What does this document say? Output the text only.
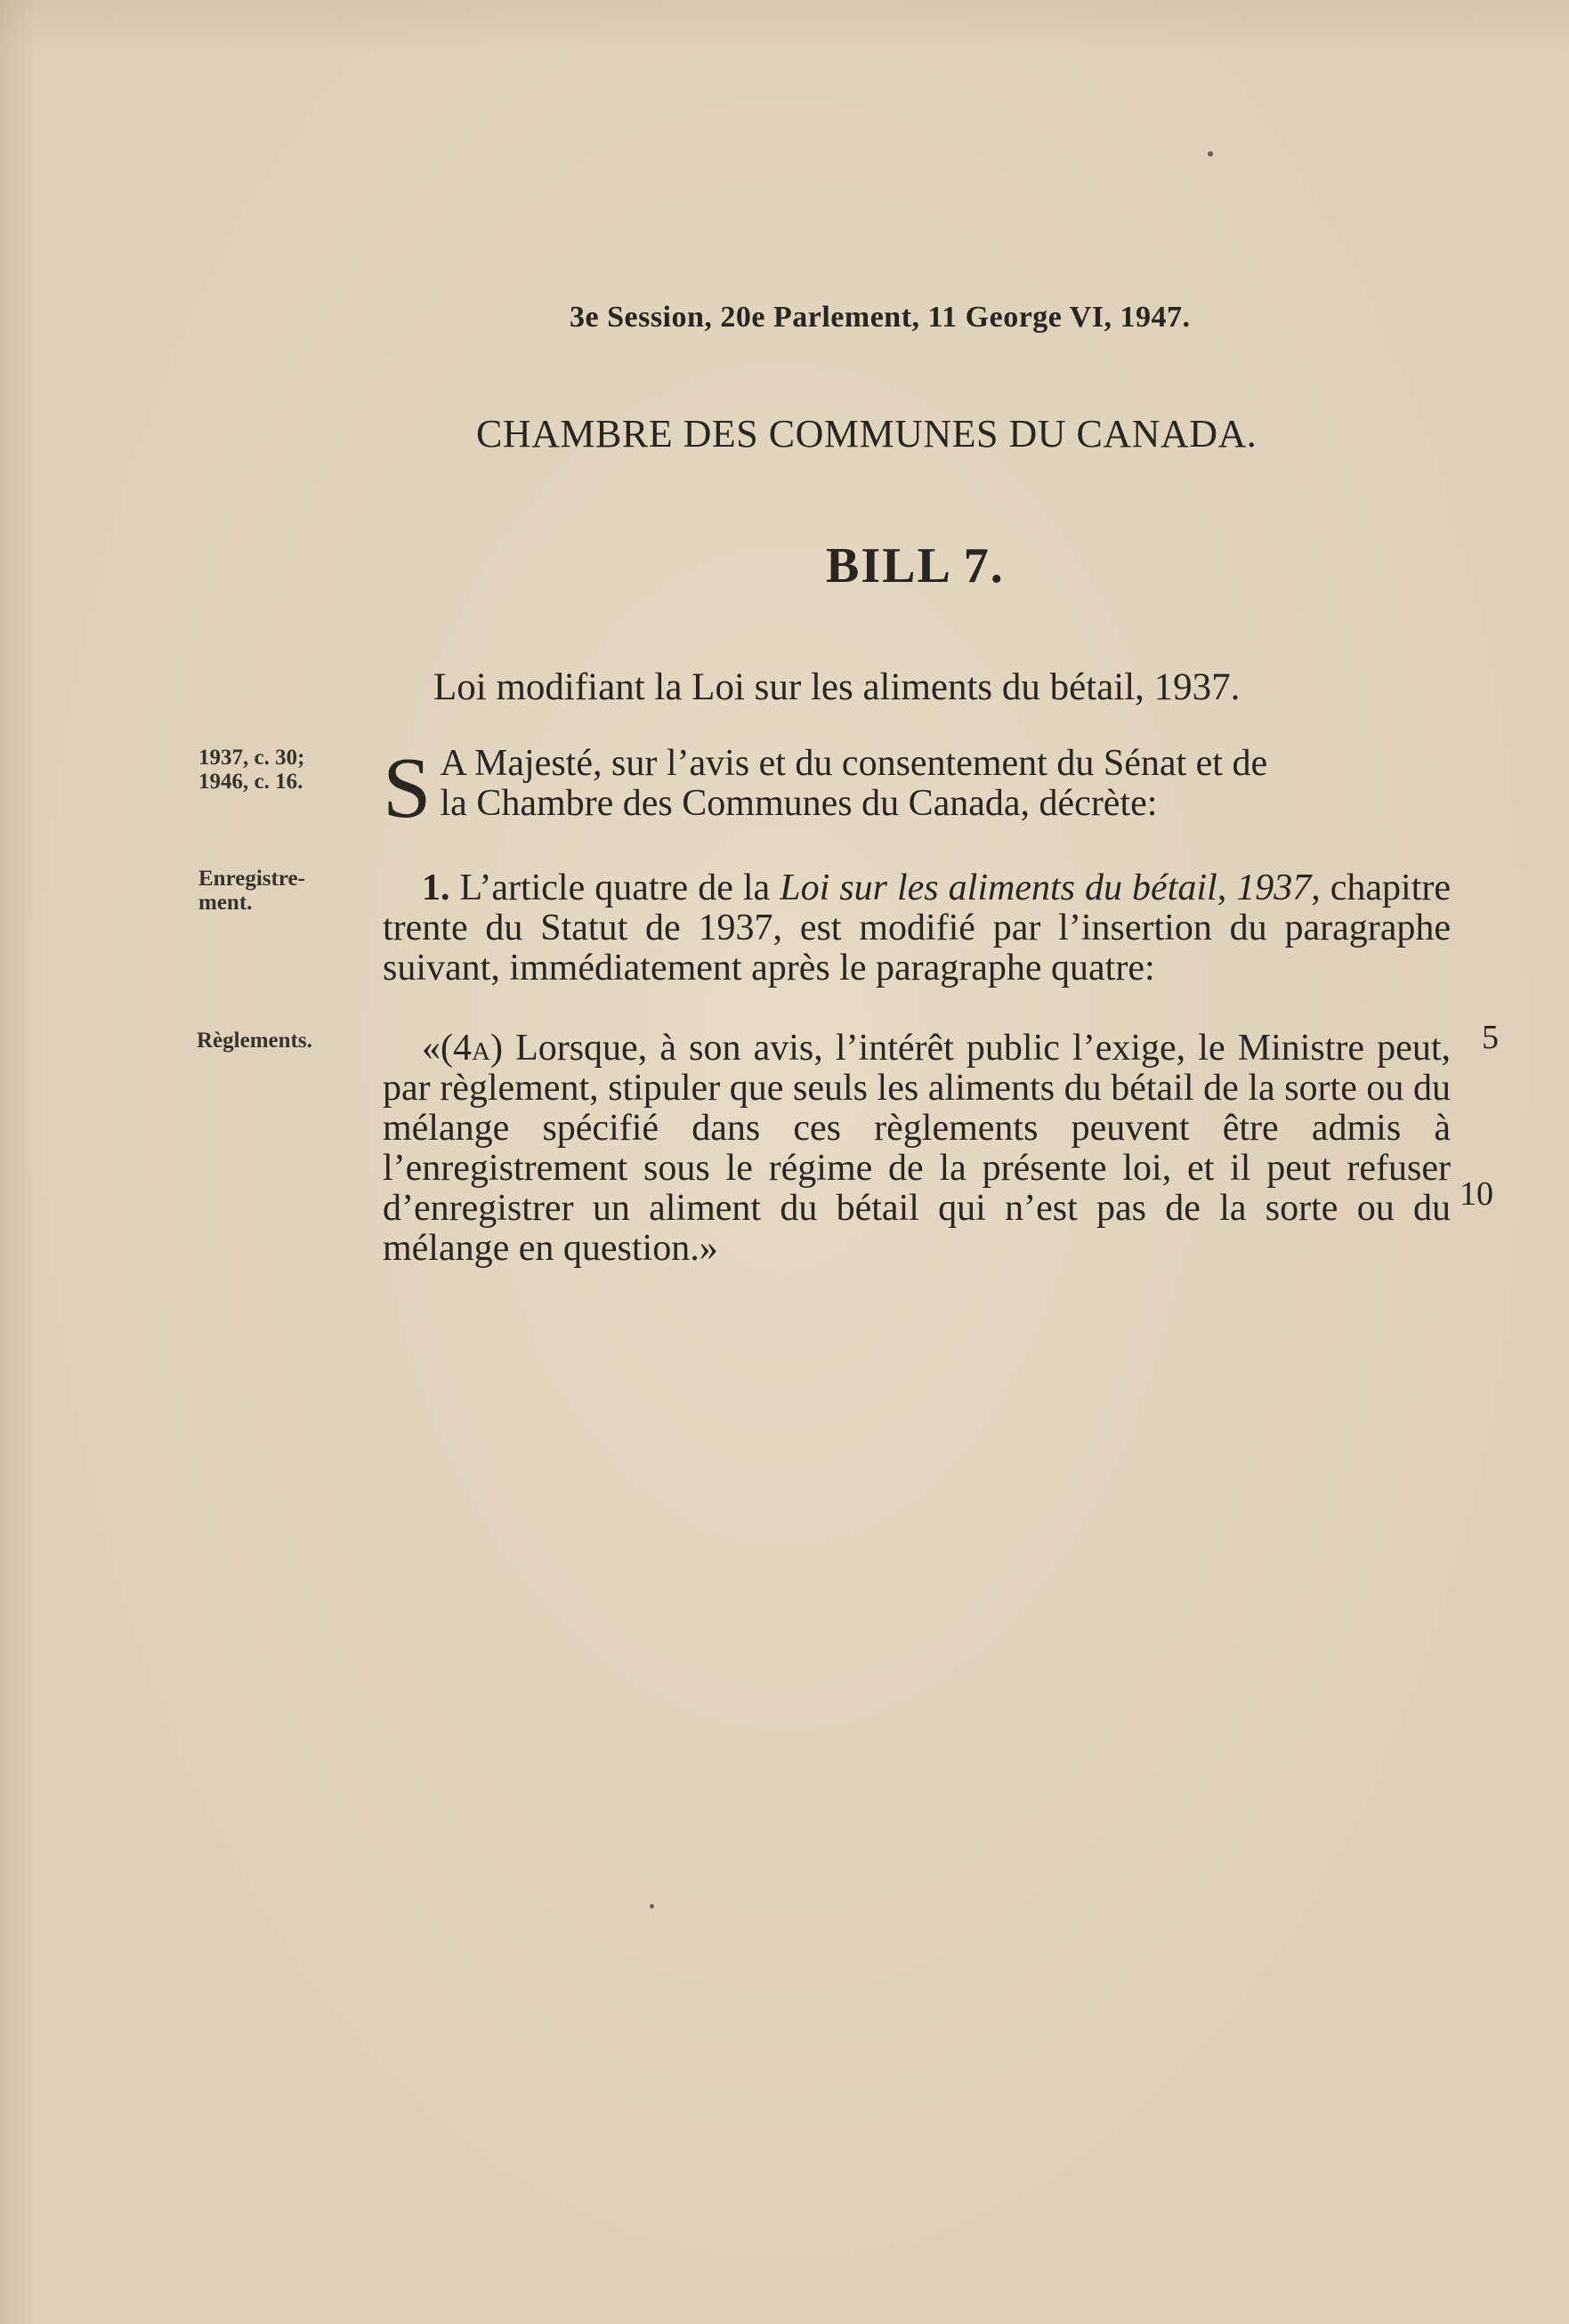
3e Session, 20e Parlement, 11 George VI, 1947.
CHAMBRE DES COMMUNES DU CANADA.
BILL 7.
Loi modifiant la Loi sur les aliments du bétail, 1937.
1937, c. 30;
1946, c. 16.
Enregistre-
ment.
Règlements.
S A Majesté, sur l’avis et du consentement du Sénat et de
la Chambre des Communes du Canada, décrète:
1. L’article quatre de la Loi sur les aliments du bétail, 1937, chapitre trente du Statut de 1937, est modifié par l’insertion du paragraphe suivant, immédiatement après le paragraphe quatre:
«(4a) Lorsque, à son avis, l’intérêt public l’exige, le Ministre peut, par règlement, stipuler que seuls les aliments du bétail de la sorte ou du mélange spécifié dans ces règlements peuvent être admis à l’enregistrement sous le régime de la présente loi, et il peut refuser d’enregistrer un aliment du bétail qui n’est pas de la sorte ou du mélange en question.»
5
10
